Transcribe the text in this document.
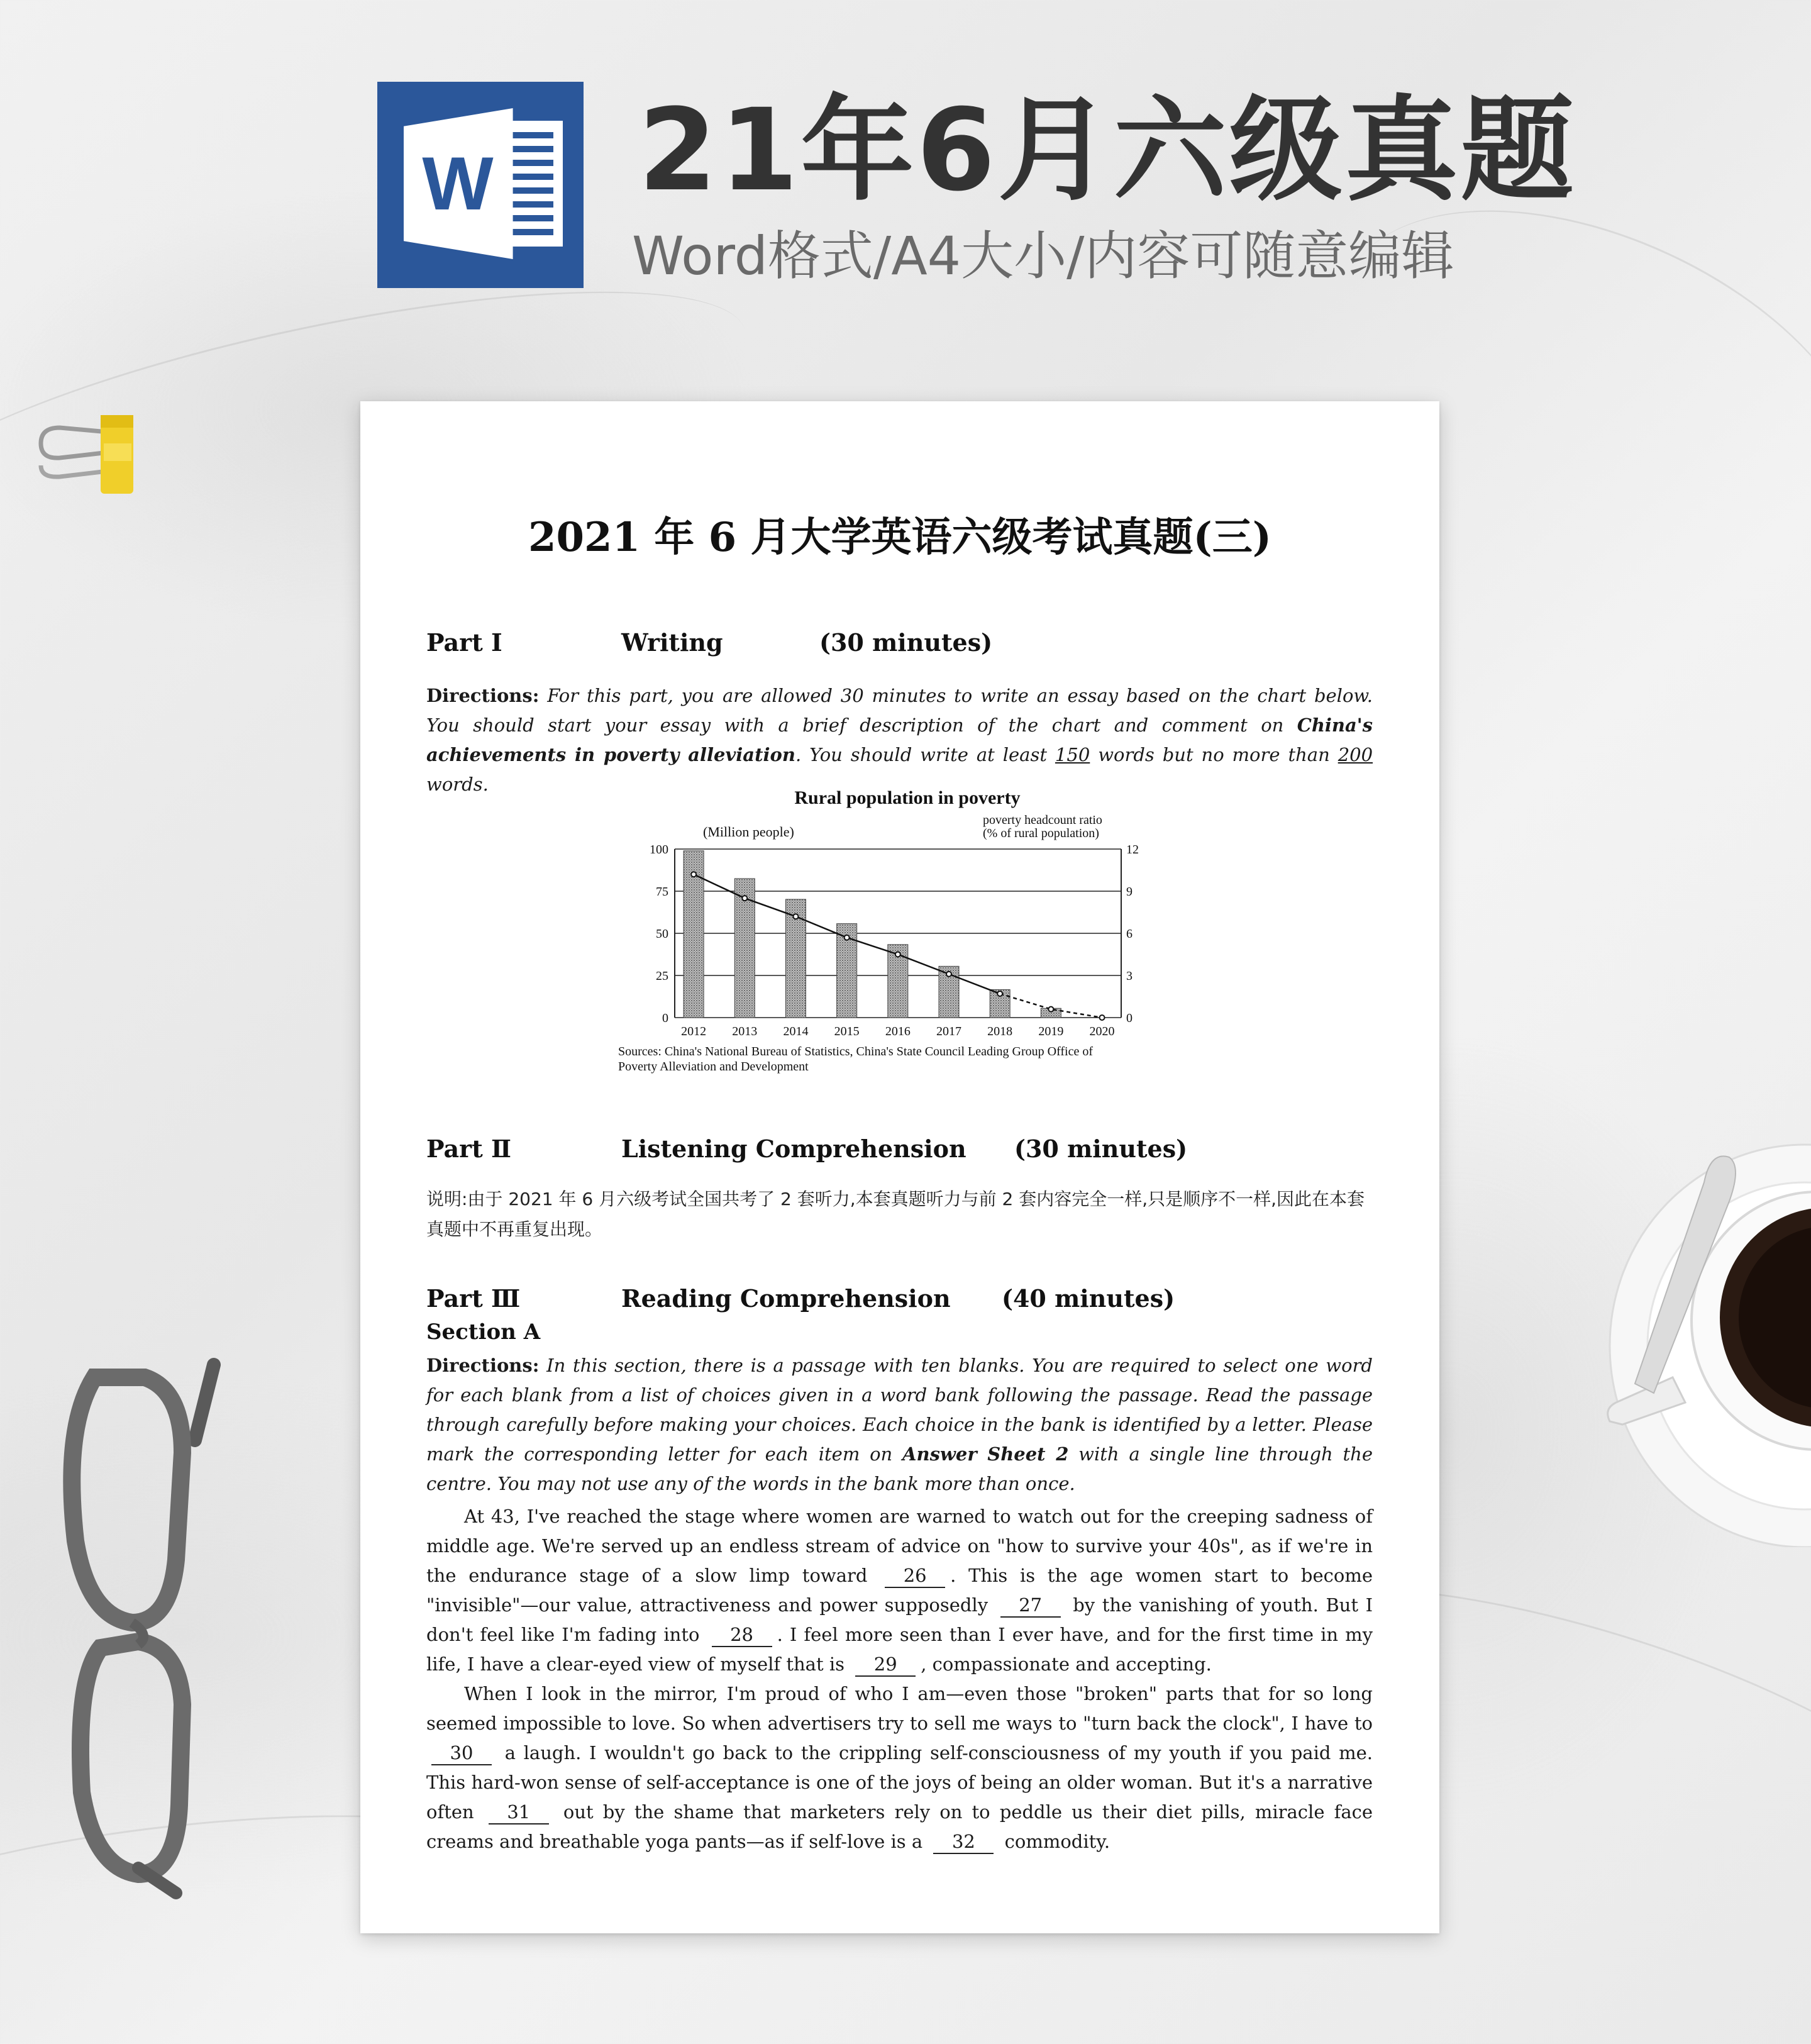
W 21年6月六级真题
Word格式/A4大小/内容可随意编辑
2021 年 6 月大学英语六级考试真题(三)
Part Ⅰ	Writing	(30 minutes)
Directions: For this part, you are allowed 30 minutes to write an essay based on the chart below. You should start your essay with a brief description of the chart and comment on China's achievements in poverty alleviation. You should write at least 150 words but no more than 200 words.
Rural population in poverty
(Million people)
poverty headcount ratio
(% of rural population)
0	0
25	3
50	6
75	9
100	12
2012 2013 2014 2015 2016 2017 2018 2019 2020
Sources: China's National Bureau of Statistics, China's State Council Leading Group Office of
Poverty Alleviation and Development
Part Ⅱ	Listening Comprehension (30 minutes)
说明:由于 2021 年 6 月六级考试全国共考了 2 套听力,本套真题听力与前 2 套内容完全一样,只是顺序不一样,因此在本套真题中不再重复出现。
Part Ⅲ	Reading Comprehension (40 minutes)
Section A
Directions: In this section, there is a passage with ten blanks. You are required to select one word for each blank from a list of choices given in a word bank following the passage. Read the passage through carefully before making your choices. Each choice in the bank is identified by a letter. Please mark the corresponding letter for each item on Answer Sheet 2 with a single line through the centre. You may not use any of the words in the bank more than once.
At 43, I've reached the stage where women are warned to watch out for the creeping sadness of middle age. We're served up an endless stream of advice on "how to survive your 40s", as if we're in the endurance stage of a slow limp toward 26 . This is the age women start to become "invisible"—our value, attractiveness and power supposedly 27 by the vanishing of youth. But I don't feel like I'm fading into 28 . I feel more seen than I ever have, and for the first time in my life, I have a clear-eyed view of myself that is 29 , compassionate and accepting.
When I look in the mirror, I'm proud of who I am—even those "broken" parts that for so long seemed impossible to love. So when advertisers try to sell me ways to "turn back the clock", I have to 30 a laugh. I wouldn't go back to the crippling self-consciousness of my youth if you paid me. This hard-won sense of self-acceptance is one of the joys of being an older woman. But it's a narrative often 31 out by the shame that marketers rely on to peddle us their diet pills, miracle face creams and breathable yoga pants—as if self-love is a 32 commodity.
